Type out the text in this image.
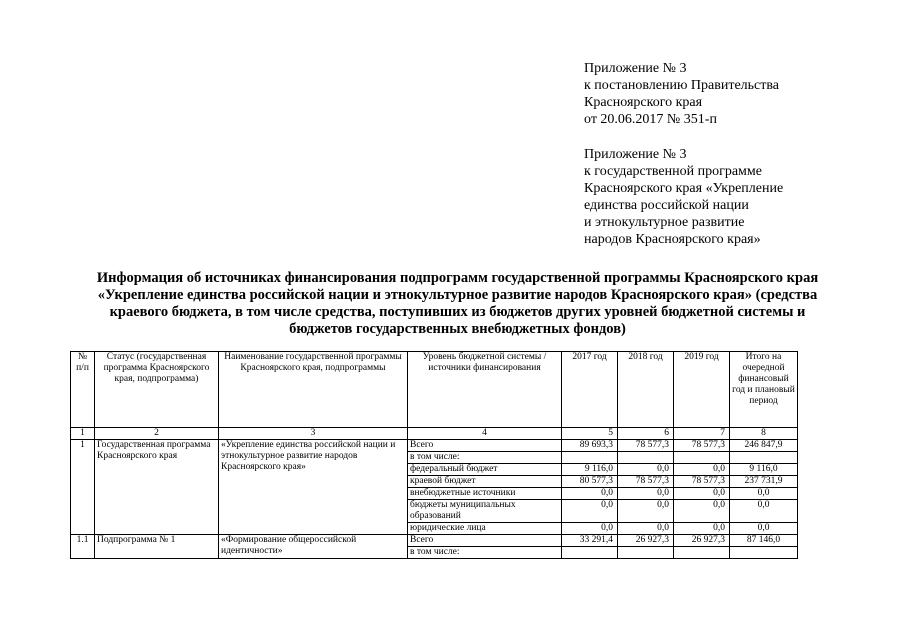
Приложение № 3
к постановлению Правительства
Красноярского края
от 20.06.2017 № 351-п
Приложение № 3
к государственной программе
Красноярского края «Укрепление
единства российской нации
и этнокультурное развитие
народов Красноярского края»
Информация об источниках финансирования подпрограмм государственной программы Красноярского края
«Укрепление единства российской нации и этнокультурное развитие народов Красноярского края» (средства
краевого бюджета, в том числе средства, поступивших из бюджетов других уровней бюджетной системы и
бюджетов государственных внебюджетных фондов)
№ п/п	Статус (государственная программа Красноярского края, подпрограмма)	Наименование государственной программы Красноярского края, подпрограммы	Уровень бюджетной системы / источники финансирования	2017 год	2018 год	2019 год	Итого на очередной финансовый год и плановый период
1	2	3	4	5	6	7	8
1	Государственная программа Красноярского края	«Укрепление единства российской нации и этнокультурное развитие народов Красноярского края»	Всего	89 693,3	78 577,3	78 577,3	246 847,9
			в том числе:				
			федеральный бюджет	9 116,0	0,0	0,0	9 116,0
			краевой бюджет	80 577,3	78 577,3	78 577,3	237 731,9
			внебюджетные источники	0,0	0,0	0,0	0,0
			бюджеты муниципальных образований	0,0	0,0	0,0	0,0
			юридические лица	0,0	0,0	0,0	0,0
1.1	Подпрограмма № 1	«Формирование общероссийской идентичности»	Всего	33 291,4	26 927,3	26 927,3	87 146,0
			в том числе:				
